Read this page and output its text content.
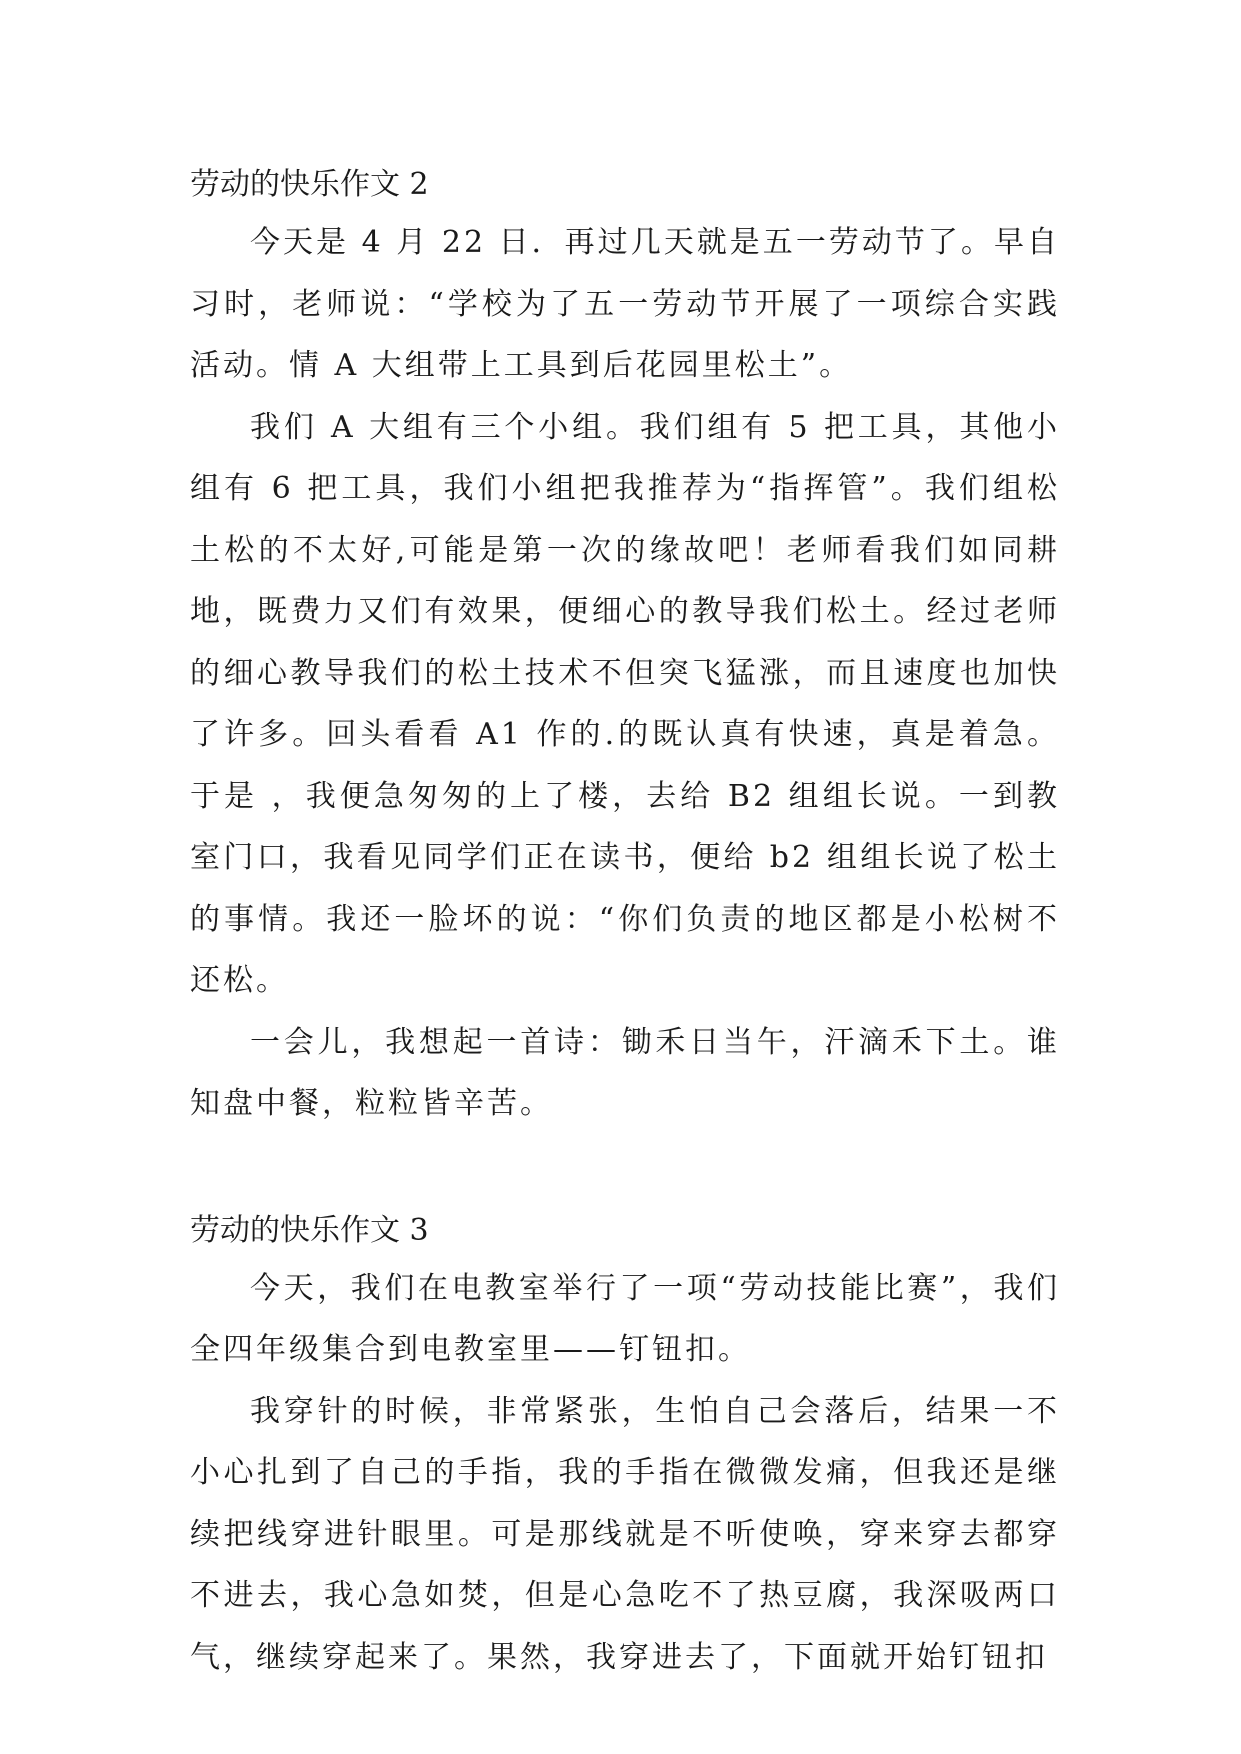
劳动的快乐作文 2

今天是 4 月 22 日．再过几天就是五一劳动节了。早自习时，老师说：“学校为了五一劳动节开展了一项综合实践活动。情 A 大组带上工具到后花园里松土”。

我们 A 大组有三个小组。我们组有 5 把工具，其他小组有 6 把工具，我们小组把我推荐为“指挥管”。我们组松土松的不太好,可能是第一次的缘故吧！老师看我们如同耕地，既费力又们有效果，便细心的教导我们松土。经过老师的细心教导我们的松土技术不但突飞猛涨，而且速度也加快了许多。回头看看 A1 作的.的既认真有快速，真是着急。于是 ，我便急匆匆的上了楼，去给 B2 组组长说。一到教室门口，我看见同学们正在读书，便给 b2 组组长说了松土的事情。我还一脸坏的说：“你们负责的地区都是小松树不还松。

一会儿，我想起一首诗：锄禾日当午，汗滴禾下土。谁知盘中餐，粒粒皆辛苦。

劳动的快乐作文 3

今天，我们在电教室举行了一项“劳动技能比赛”，我们全四年级集合到电教室里——钉钮扣。

我穿针的时候，非常紧张，生怕自己会落后，结果一不小心扎到了自己的手指，我的手指在微微发痛，但我还是继续把线穿进针眼里。可是那线就是不听使唤，穿来穿去都穿不进去，我心急如焚，但是心急吃不了热豆腐，我深吸两口气，继续穿起来了。果然，我穿进去了，下面就开始钉钮扣
